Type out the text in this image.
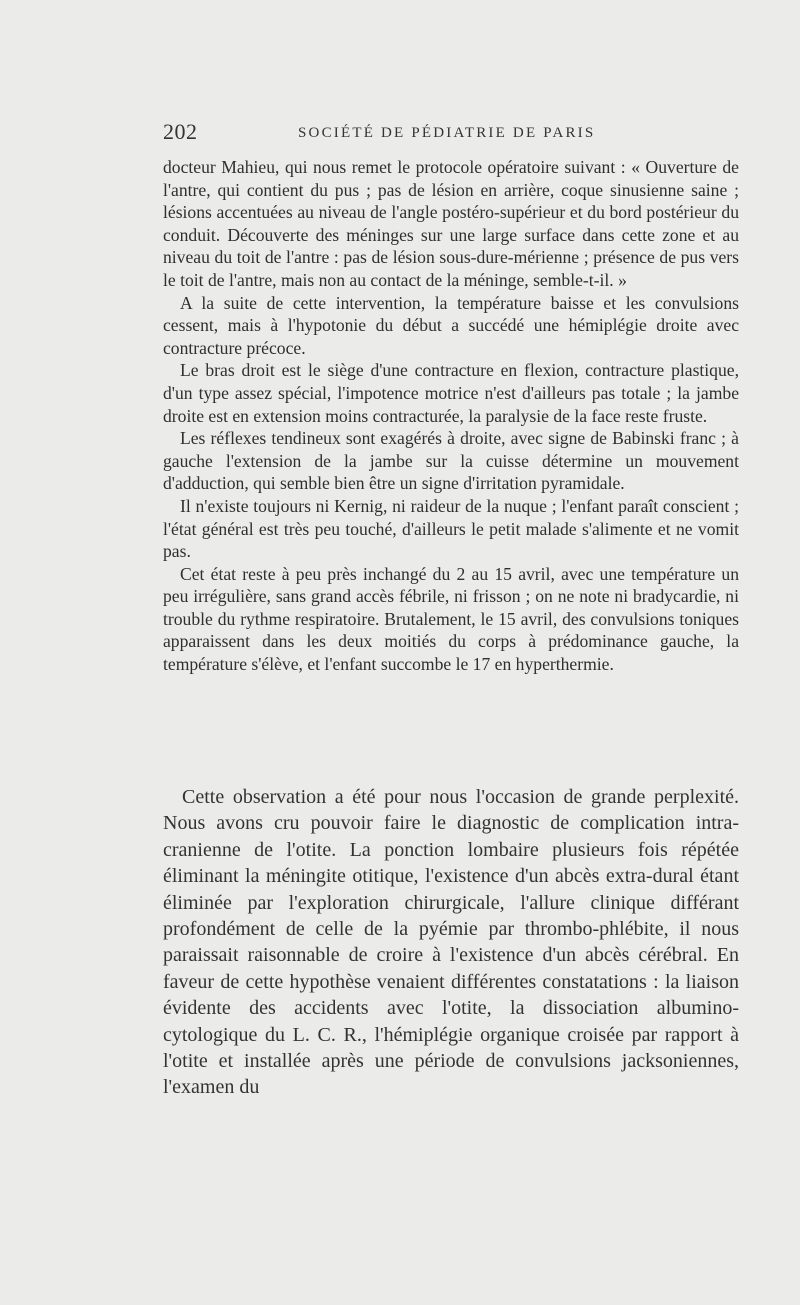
202	SOCIÉTÉ DE PÉDIATRIE DE PARIS

docteur Mahieu, qui nous remet le protocole opératoire suivant : « Ouverture de l'antre, qui contient du pus ; pas de lésion en arrière, coque sinusienne saine ; lésions accentuées au niveau de l'angle postéro-supérieur et du bord postérieur du conduit. Découverte des méninges sur une large surface dans cette zone et au niveau du toit de l'antre : pas de lésion sous-dure-mérienne ; présence de pus vers le toit de l'antre, mais non au contact de la méninge, semble-t-il. »

A la suite de cette intervention, la température baisse et les convulsions cessent, mais à l'hypotonie du début a succédé une hémiplégie droite avec contracture précoce.

Le bras droit est le siège d'une contracture en flexion, contracture plastique, d'un type assez spécial, l'impotence motrice n'est d'ailleurs pas totale ; la jambe droite est en extension moins contracturée, la paralysie de la face reste fruste.

Les réflexes tendineux sont exagérés à droite, avec signe de Babinski franc ; à gauche l'extension de la jambe sur la cuisse détermine un mouvement d'adduction, qui semble bien être un signe d'irritation pyramidale.

Il n'existe toujours ni Kernig, ni raideur de la nuque ; l'enfant paraît conscient ; l'état général est très peu touché, d'ailleurs le petit malade s'alimente et ne vomit pas.

Cet état reste à peu près inchangé du 2 au 15 avril, avec une température un peu irrégulière, sans grand accès fébrile, ni frisson ; on ne note ni bradycardie, ni trouble du rythme respiratoire. Brutalement, le 15 avril, des convulsions toniques apparaissent dans les deux moitiés du corps à prédominance gauche, la température s'élève, et l'enfant succombe le 17 en hyperthermie.

Cette observation a été pour nous l'occasion de grande perplexité. Nous avons cru pouvoir faire le diagnostic de complication intra-cranienne de l'otite. La ponction lombaire plusieurs fois répétée éliminant la méningite otitique, l'existence d'un abcès extra-dural étant éliminée par l'exploration chirurgicale, l'allure clinique différant profondément de celle de la pyémie par thrombo-phlébite, il nous paraissait raisonnable de croire à l'existence d'un abcès cérébral. En faveur de cette hypothèse venaient différentes constatations : la liaison évidente des accidents avec l'otite, la dissociation albumino-cytologique du L. C. R., l'hémiplégie organique croisée par rapport à l'otite et installée après une période de convulsions jacksoniennes, l'examen du
